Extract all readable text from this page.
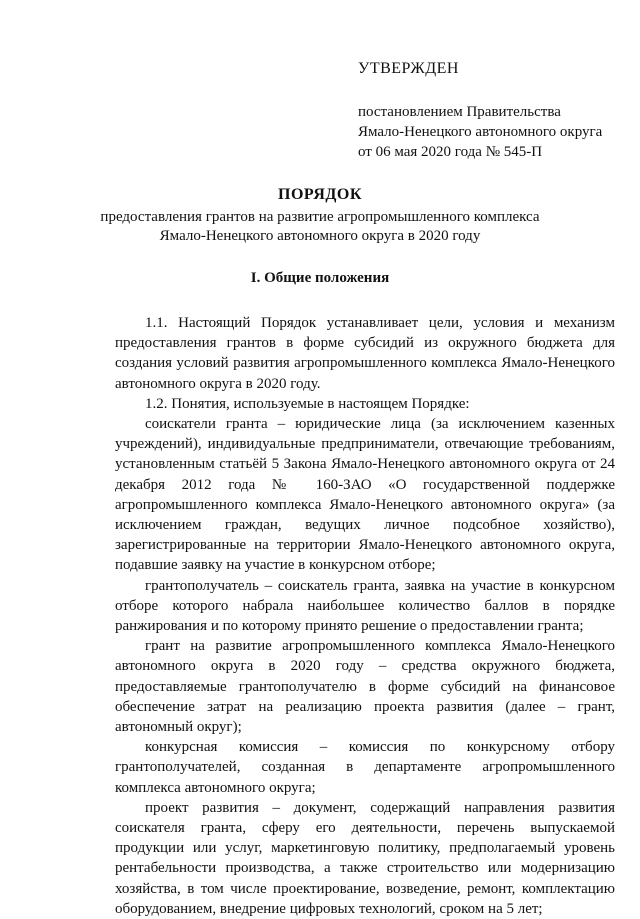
УТВЕРЖДЕН
постановлением Правительства
Ямало-Ненецкого автономного округа
от 06 мая 2020 года № 545-П
ПОРЯДОК
предоставления грантов на развитие агропромышленного комплекса
Ямало-Ненецкого автономного округа в 2020 году
I. Общие положения

1.1. Настоящий Порядок устанавливает цели, условия и механизм предоставления грантов в форме субсидий из окружного бюджета для создания условий развития агропромышленного комплекса Ямало-Ненецкого автономного округа в 2020 году.

1.2. Понятия, используемые в настоящем Порядке:

соискатели гранта – юридические лица (за исключением казенных учреждений), индивидуальные предприниматели, отвечающие требованиям, установленным статьёй 5 Закона Ямало-Ненецкого автономного округа от 24 декабря 2012 года № 160-ЗАО «О государственной поддержке агропромышленного комплекса Ямало-Ненецкого автономного округа» (за исключением граждан, ведущих личное подсобное хозяйство), зарегистрированные на территории Ямало-Ненецкого автономного округа, подавшие заявку на участие в конкурсном отборе;

грантополучатель – соискатель гранта, заявка на участие в конкурсном отборе которого набрала наибольшее количество баллов в порядке ранжирования и по которому принято решение о предоставлении гранта;

грант на развитие агропромышленного комплекса Ямало-Ненецкого автономного округа в 2020 году – средства окружного бюджета, предоставляемые грантополучателю в форме субсидий на финансовое обеспечение затрат на реализацию проекта развития (далее – грант, автономный округ);

конкурсная комиссия – комиссия по конкурсному отбору грантополучателей, созданная в департаменте агропромышленного комплекса автономного округа;

проект развития – документ, содержащий направления развития соискателя гранта, сферу его деятельности, перечень выпускаемой продукции или услуг, маркетинговую политику, предполагаемый уровень рентабельности производства, а также строительство или модернизацию хозяйства, в том числе проектирование, возведение, ремонт, комплектацию оборудованием, внедрение цифровых технологий, сроком на 5 лет;
